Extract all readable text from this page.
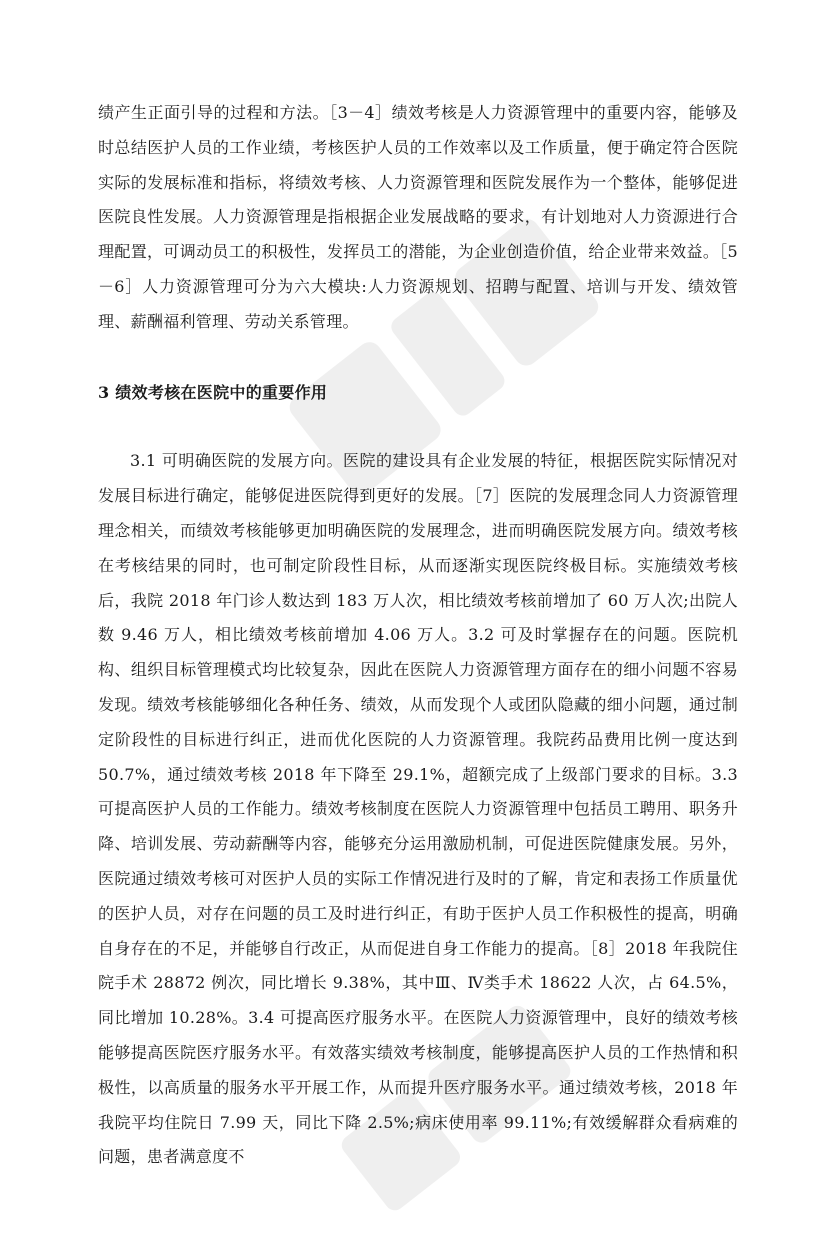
绩产生正面引导的过程和方法。［3－4］绩效考核是人力资源管理中的重要内容，能够及时总结医护人员的工作业绩，考核医护人员的工作效率以及工作质量，便于确定符合医院实际的发展标准和指标，将绩效考核、人力资源管理和医院发展作为一个整体，能够促进医院良性发展。人力资源管理是指根据企业发展战略的要求，有计划地对人力资源进行合理配置，可调动员工的积极性，发挥员工的潜能，为企业创造价值，给企业带来效益。［5－6］人力资源管理可分为六大模块:人力资源规划、招聘与配置、培训与开发、绩效管理、薪酬福利管理、劳动关系管理。

3 绩效考核在医院中的重要作用

3.1 可明确医院的发展方向。医院的建设具有企业发展的特征，根据医院实际情况对发展目标进行确定，能够促进医院得到更好的发展。［7］医院的发展理念同人力资源管理理念相关，而绩效考核能够更加明确医院的发展理念，进而明确医院发展方向。绩效考核在考核结果的同时，也可制定阶段性目标，从而逐渐实现医院终极目标。实施绩效考核后，我院 2018 年门诊人数达到 183 万人次，相比绩效考核前增加了 60 万人次;出院人数 9.46 万人，相比绩效考核前增加 4.06 万人。3.2 可及时掌握存在的问题。医院机构、组织目标管理模式均比较复杂，因此在医院人力资源管理方面存在的细小问题不容易发现。绩效考核能够细化各种任务、绩效，从而发现个人或团队隐藏的细小问题，通过制定阶段性的目标进行纠正，进而优化医院的人力资源管理。我院药品费用比例一度达到 50.7%，通过绩效考核 2018 年下降至 29.1%，超额完成了上级部门要求的目标。3.3 可提高医护人员的工作能力。绩效考核制度在医院人力资源管理中包括员工聘用、职务升降、培训发展、劳动薪酬等内容，能够充分运用激励机制，可促进医院健康发展。另外，医院通过绩效考核可对医护人员的实际工作情况进行及时的了解，肯定和表扬工作质量优的医护人员，对存在问题的员工及时进行纠正，有助于医护人员工作积极性的提高，明确自身存在的不足，并能够自行改正，从而促进自身工作能力的提高。［8］2018 年我院住院手术 28872 例次，同比增长 9.38%，其中Ⅲ、Ⅳ类手术 18622 人次，占 64.5%，同比增加 10.28%。3.4 可提高医疗服务水平。在医院人力资源管理中，良好的绩效考核能够提高医院医疗服务水平。有效落实绩效考核制度，能够提高医护人员的工作热情和积极性，以高质量的服务水平开展工作，从而提升医疗服务水平。通过绩效考核，2018 年我院平均住院日 7.99 天，同比下降 2.5%;病床使用率 99.11%;有效缓解群众看病难的问题，患者满意度不
